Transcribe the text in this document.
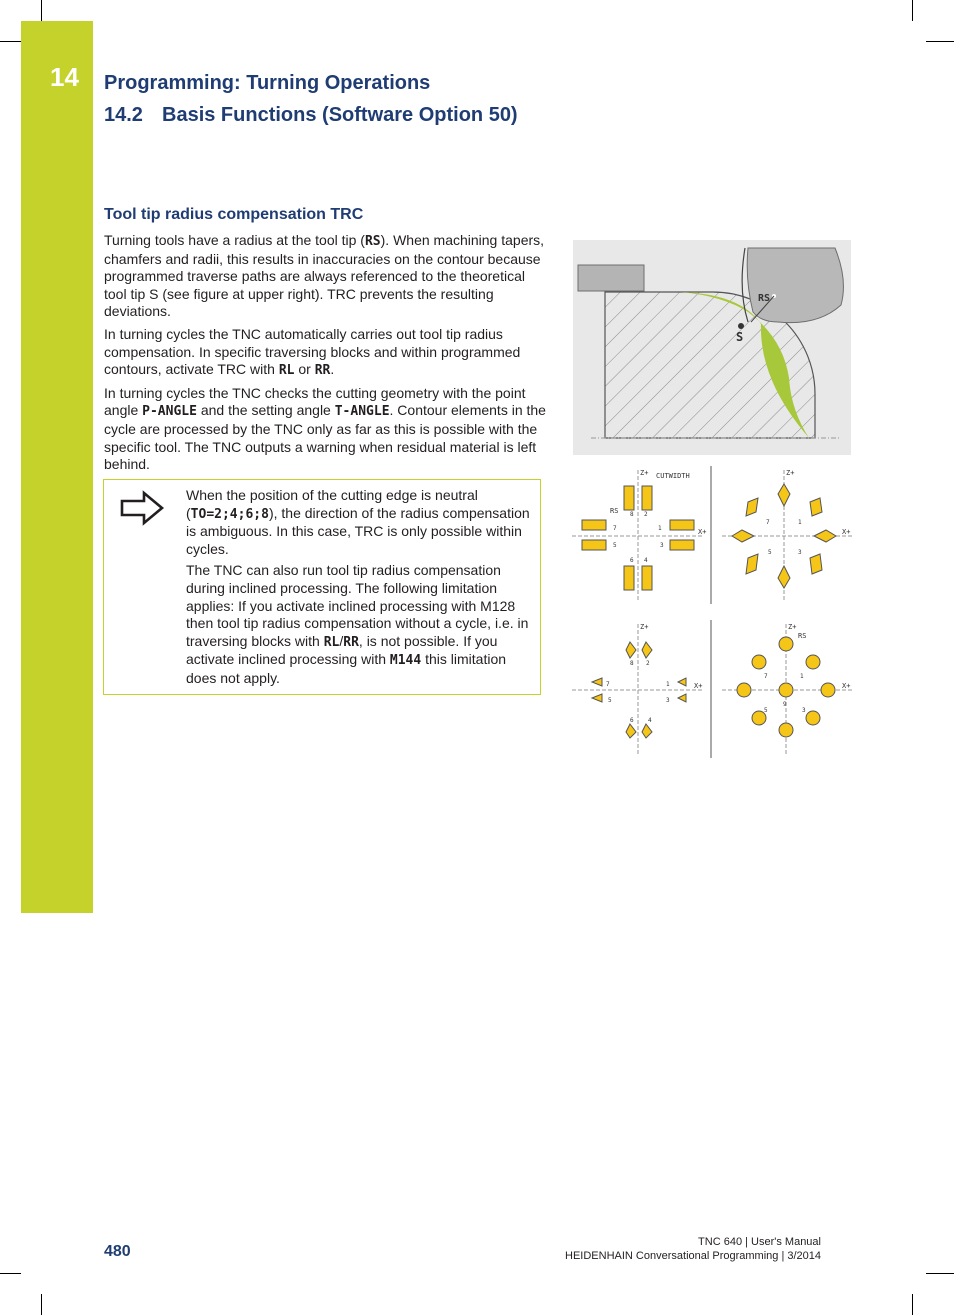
14	Programming: Turning Operations
14.2 Basis Functions (Software Option 50)
Tool tip radius compensation TRC

Turning tools have a radius at the tool tip (RS). When machining tapers, chamfers and radii, this results in inaccuracies on the contour because programmed traverse paths are always referenced to the theoretical tool tip S (see figure at upper right). TRC prevents the resulting deviations.

In turning cycles the TNC automatically carries out tool tip radius compensation. In specific traversing blocks and within programmed contours, activate TRC with RL or RR.

In turning cycles the TNC checks the cutting geometry with the point angle P-ANGLE and the setting angle T-ANGLE. Contour elements in the cycle are processed by the TNC only as far as this is possible with the specific tool. The TNC outputs a warning when residual material is left behind.

When the position of the cutting edge is neutral (TO=2;4;6;8), the direction of the radius compensation is ambiguous. In this case, TRC is only possible within cycles.

The TNC can also run tool tip radius compensation during inclined processing. The following limitation applies: If you activate inclined processing with M128 then tool tip radius compensation without a cycle, i.e. in traversing blocks with RL/RR, is not possible. If you activate inclined processing with M144 this limitation does not apply.

RS
S
Z+
X+
CUTWIDTH
RS 8 2
7	1
5	3
6 4
Z+
X+
7	1
5	3
Z+
X+
8 2
7	1
5	3
6 4
Z+
X+
RS
7	1
5	3
9
480
TNC 640 | User's Manual
HEIDENHAIN Conversational Programming | 3/2014
